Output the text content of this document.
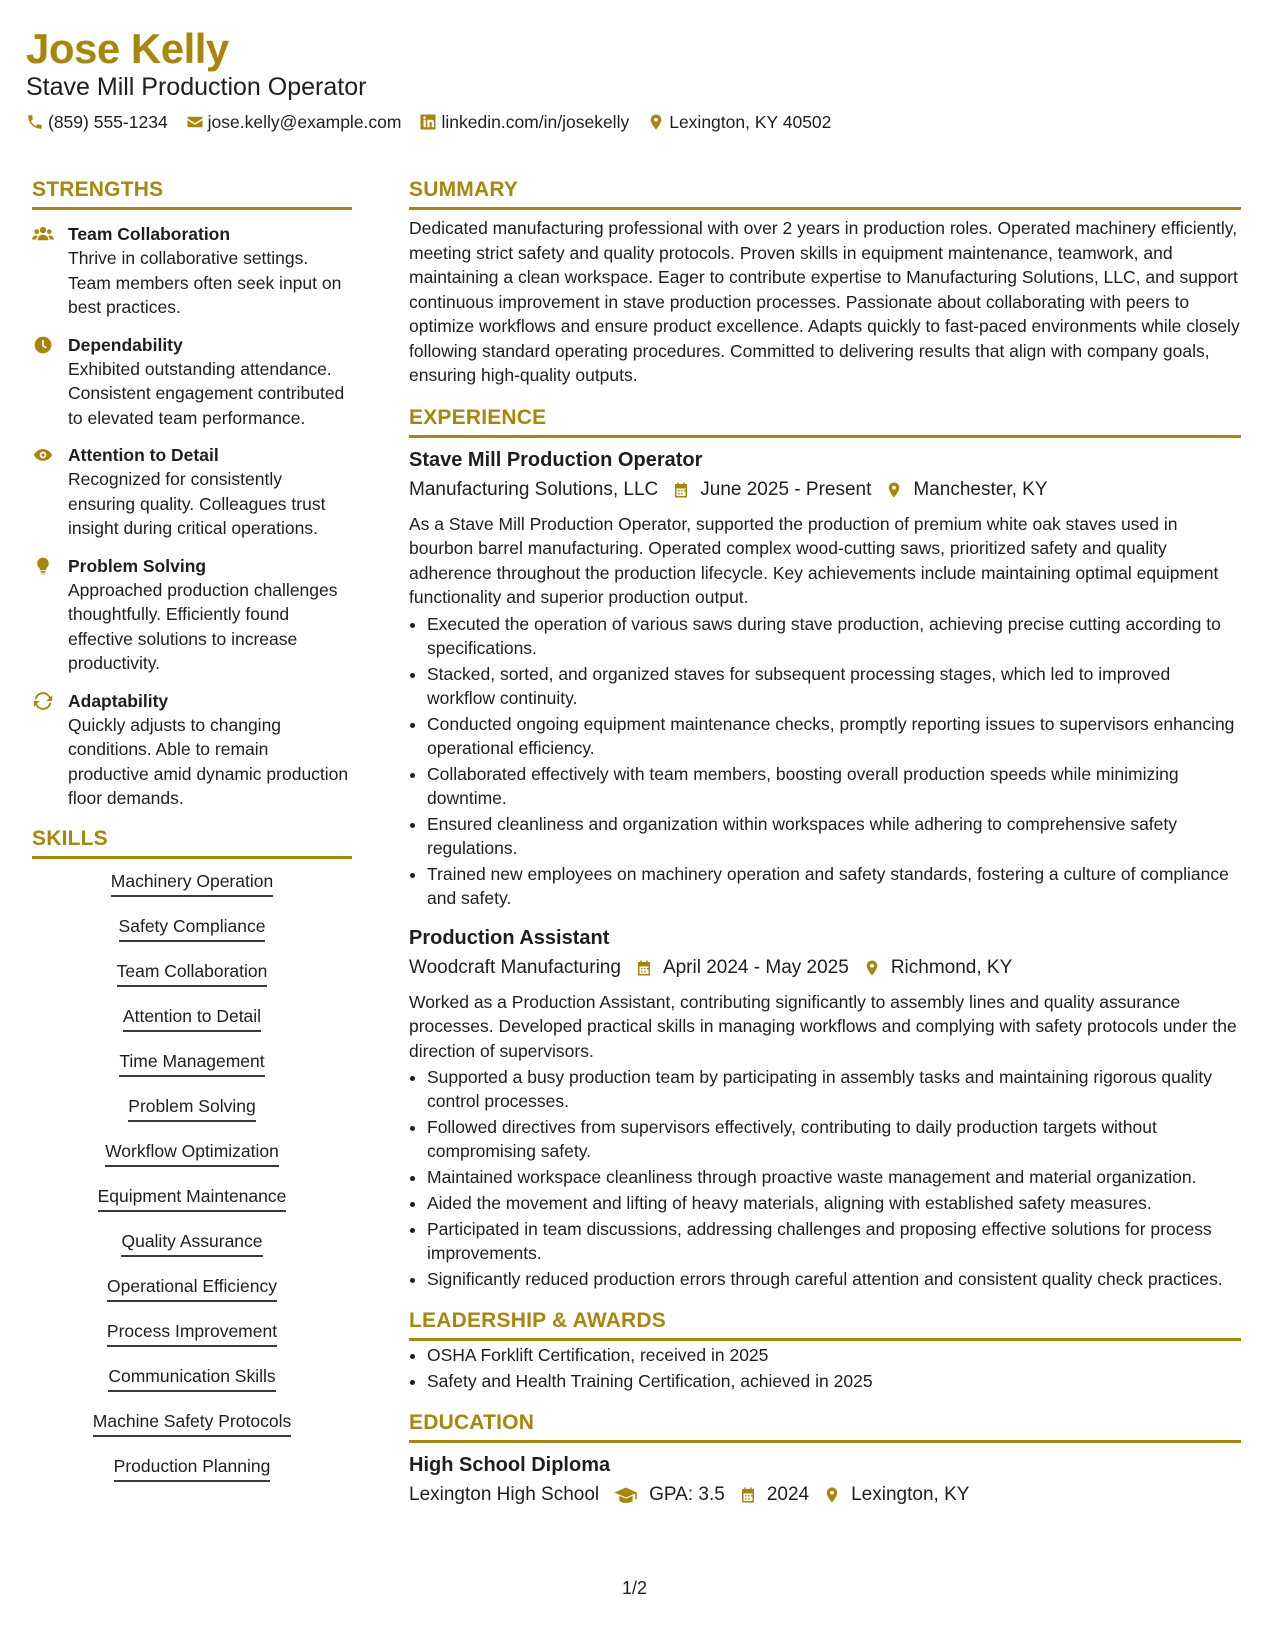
Jose Kelly
Stave Mill Production Operator
(859) 555-1234 jose.kelly@example.com linkedin.com/in/josekelly Lexington, KY 40502
STRENGTHS
Team Collaboration
Thrive in collaborative settings. Team members often seek input on best practices.
Dependability
Exhibited outstanding attendance. Consistent engagement contributed to elevated team performance.
Attention to Detail
Recognized for consistently ensuring quality. Colleagues trust insight during critical operations.
Problem Solving
Approached production challenges thoughtfully. Efficiently found effective solutions to increase productivity.
Adaptability
Quickly adjusts to changing conditions. Able to remain productive amid dynamic production floor demands.
SKILLS
Machinery Operation
Safety Compliance
Team Collaboration
Attention to Detail
Time Management
Problem Solving
Workflow Optimization
Equipment Maintenance
Quality Assurance
Operational Efficiency
Process Improvement
Communication Skills
Machine Safety Protocols
Production Planning
SUMMARY
Dedicated manufacturing professional with over 2 years in production roles. Operated machinery efficiently, meeting strict safety and quality protocols. Proven skills in equipment maintenance, teamwork, and maintaining a clean workspace. Eager to contribute expertise to Manufacturing Solutions, LLC, and support continuous improvement in stave production processes. Passionate about collaborating with peers to optimize workflows and ensure product excellence. Adapts quickly to fast-paced environments while closely following standard operating procedures. Committed to delivering results that align with company goals, ensuring high-quality outputs.
EXPERIENCE
Stave Mill Production Operator
Manufacturing Solutions, LLC June 2025 - Present Manchester, KY
As a Stave Mill Production Operator, supported the production of premium white oak staves used in bourbon barrel manufacturing. Operated complex wood-cutting saws, prioritized safety and quality adherence throughout the production lifecycle. Key achievements include maintaining optimal equipment functionality and superior production output.
• Executed the operation of various saws during stave production, achieving precise cutting according to specifications.
• Stacked, sorted, and organized staves for subsequent processing stages, which led to improved workflow continuity.
• Conducted ongoing equipment maintenance checks, promptly reporting issues to supervisors enhancing operational efficiency.
• Collaborated effectively with team members, boosting overall production speeds while minimizing downtime.
• Ensured cleanliness and organization within workspaces while adhering to comprehensive safety regulations.
• Trained new employees on machinery operation and safety standards, fostering a culture of compliance and safety.
Production Assistant
Woodcraft Manufacturing April 2024 - May 2025 Richmond, KY
Worked as a Production Assistant, contributing significantly to assembly lines and quality assurance processes. Developed practical skills in managing workflows and complying with safety protocols under the direction of supervisors.
• Supported a busy production team by participating in assembly tasks and maintaining rigorous quality control processes.
• Followed directives from supervisors effectively, contributing to daily production targets without compromising safety.
• Maintained workspace cleanliness through proactive waste management and material organization.
• Aided the movement and lifting of heavy materials, aligning with established safety measures.
• Participated in team discussions, addressing challenges and proposing effective solutions for process improvements.
• Significantly reduced production errors through careful attention and consistent quality check practices.
LEADERSHIP & AWARDS
• OSHA Forklift Certification, received in 2025
• Safety and Health Training Certification, achieved in 2025
EDUCATION
High School Diploma
Lexington High School	GPA: 3.5 2024 Lexington, KY
1/2
